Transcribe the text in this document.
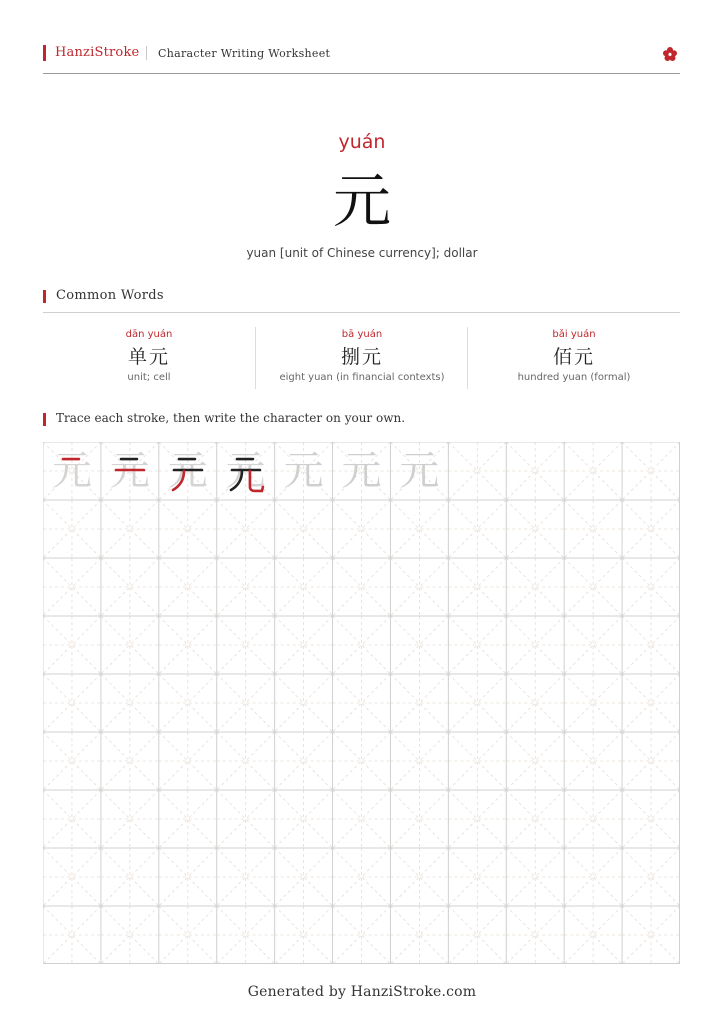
HanziStroke Character Writing Worksheet
yuán
元
yuan [unit of Chinese currency]; dollar
Common Words
dān yuán
单元
unit; cell
bā yuán
捌元
eight yuan (in financial contexts)
bǎi yuán
佰元
hundred yuan (formal)
Trace each stroke, then write the character on your own.
元 元 元 元 元 元 元
Generated by HanziStroke.com
